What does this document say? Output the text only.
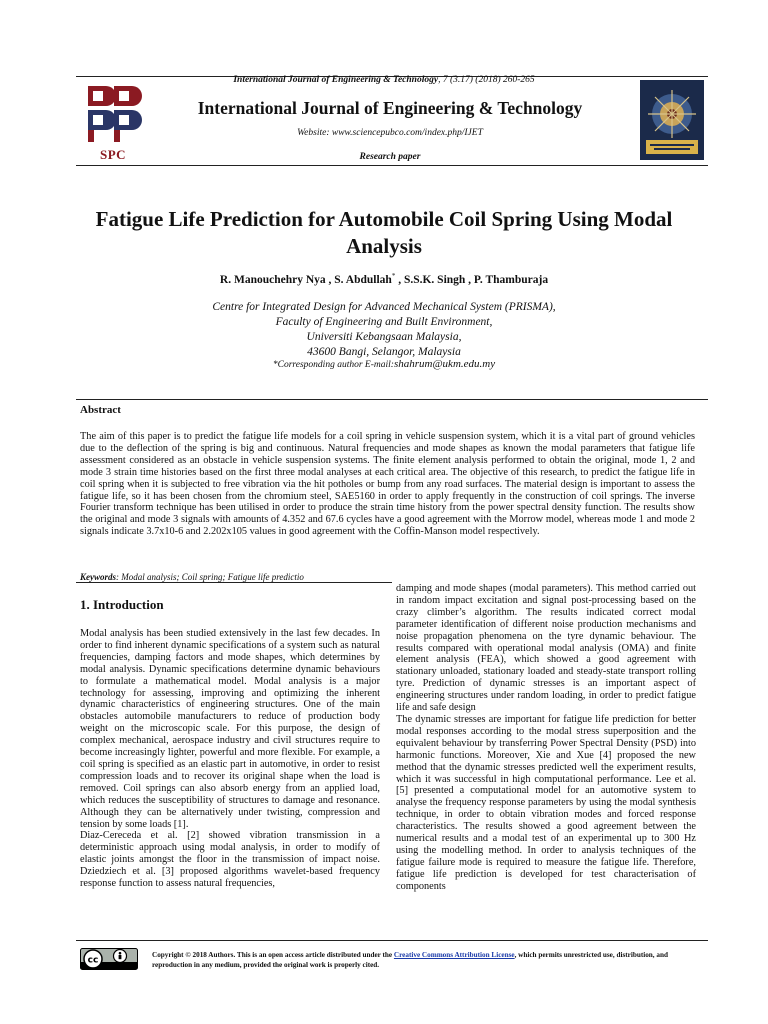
International Journal of Engineering & Technology, 7 (3.17) (2018) 260-265
SPC
International Journal of Engineering & Technology
Website: www.sciencepubco.com/index.php/IJET
Research paper
Fatigue Life Prediction for Automobile Coil Spring Using Modal Analysis
R. Manouchehry Nya , S. Abdullah* , S.S.K. Singh , P. Thamburaja
Centre for Integrated Design for Advanced Mechanical System (PRISMA),
Faculty of Engineering and Built Environment,
Universiti Kebangsaan Malaysia,
43600 Bangi, Selangor, Malaysia
*Corresponding author E-mail:shahrum@ukm.edu.my
Abstract
The aim of this paper is to predict the fatigue life models for a coil spring in vehicle suspension system, which it is a vital part of ground vehicles due to the deflection of the spring is big and continuous. Natural frequencies and mode shapes as known the modal parameters that fatigue life assessment considered as an obstacle in vehicle suspension systems. The finite element analysis performed to obtain the original, mode 1, 2 and mode 3 strain time histories based on the first three modal analyses at each critical area. The objective of this research, to predict the fatigue life in coil spring when it is subjected to free vibration via the hit potholes or bump from any road surfaces. The material design is important to assess the fatigue life, so it has been chosen from the chromium steel, SAE5160 in order to apply frequently in the construction of coil springs. The inverse Fourier transform technique has been utilised in order to produce the strain time history from the power spectral density function. The results show the original and mode 3 signals with amounts of 4.352 and 67.6 cycles have a good agreement with the Morrow model, whereas mode 1 and mode 2 signals indicate 3.7x10-6 and 2.202x105 values in good agreement with the Coffin-Manson model respectively.
Keywords: Modal analysis; Coil spring; Fatigue life predictio
1. Introduction

Modal analysis has been studied extensively in the last few decades. In order to find inherent dynamic specifications of a system such as natural frequencies, damping factors and mode shapes, which determines by modal analysis. Dynamic specifications determine dynamic behaviours to formulate a mathematical model. Modal analysis is a major technology for assessing, improving and optimizing the inherent dynamic characteristics of engineering structures. One of the main obstacles automobile manufacturers to reduce of production body weight on the microscopic scale. For this purpose, the design of complex mechanical, aerospace industry and civil structures require to become increasingly lighter, powerful and more flexible. For example, a coil spring is specified as an elastic part in automotive, in order to resist compression loads and to recover its original shape when the load is removed. Coil springs can also absorb energy from an applied load, which reduces the susceptibility of structures to damage and resonance. Although they can be alternatively under twisting, compression and tension by some loads [1].

Diaz-Cereceda et al. [2] showed vibration transmission in a deterministic approach using modal analysis, in order to modify of elastic joints amongst the floor in the transmission of impact noise. Dziedziech et al. [3] proposed algorithms wavelet-based frequency response function to assess natural frequencies,

damping and mode shapes (modal parameters). This method carried out in random impact excitation and signal post-processing based on the crazy climber’s algorithm. The results indicated correct modal parameter identification of different noise production mechanisms and noise propagation phenomena on the tyre dynamic behaviour. The results compared with operational modal analysis (OMA) and finite element analysis (FEA), which showed a good agreement with stationary unloaded, stationary loaded and steady-state transport rolling tyre. Prediction of dynamic stresses is an important aspect of engineering structures under random loading, in order to predict fatigue life and safe design

The dynamic stresses are important for fatigue life prediction for better modal responses according to the modal stress superposition and the equivalent behaviour by transferring Power Spectral Density (PSD) into harmonic functions. Moreover, Xie and Xue [4] proposed the new method that the dynamic stresses predicted well the experiment results, which it was successful in high computational performance. Lee et al. [5] presented a computational model for an automotive system to analyse the frequency response parameters by using the modal synthesis technique, in order to obtain vibration modes and forced response characteristics. The results showed a good agreement between the numerical results and a modal test of an experimental up to 300 Hz using the modelling method. In order to analysis techniques of the fatigue failure mode is required to measure the fatigue life. Therefore, fatigue life prediction is developed for test characterisation of components

cc
Copyright © 2018 Authors. This is an open access article distributed under the Creative Commons Attribution License, which permits unrestricted use, distribution, and reproduction in any medium, provided the original work is properly cited.
